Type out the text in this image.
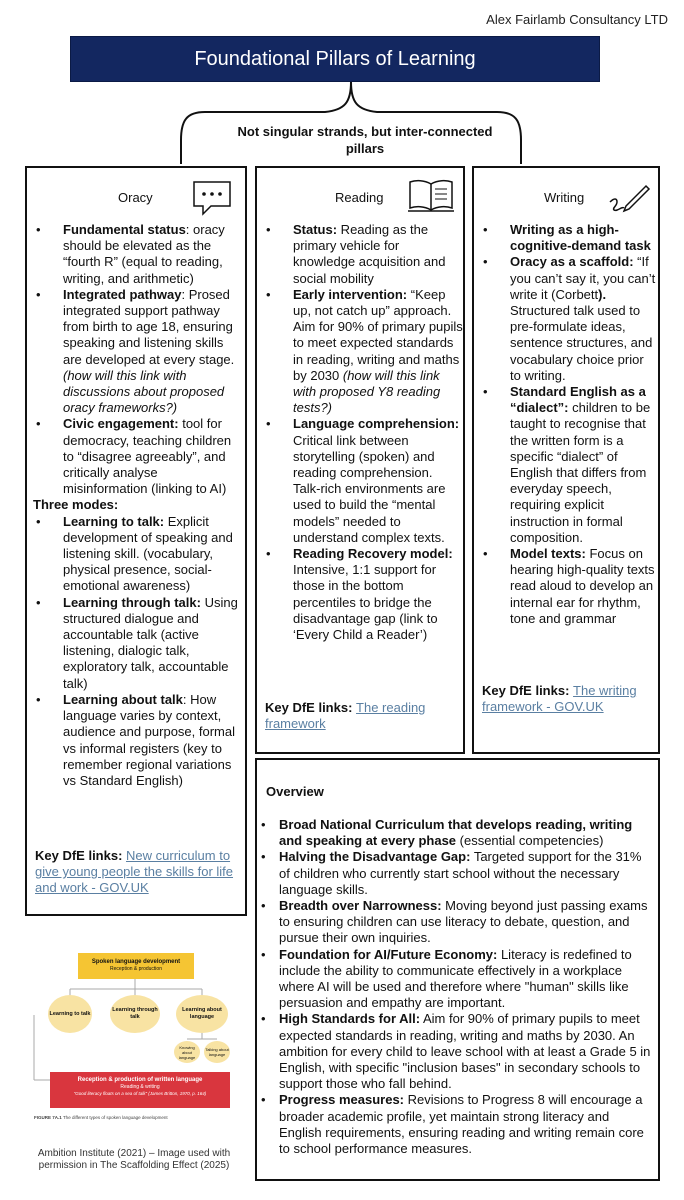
Alex Fairlamb Consultancy LTD
Foundational Pillars of Learning
Not singular strands, but inter-connected pillars
Oracy
• Fundamental status: oracy should be elevated as the “fourth R” (equal to reading, writing, and arithmetic)
• Integrated pathway: Prosed integrated support pathway from birth to age 18, ensuring speaking and listening skills are developed at every stage.
(how will this link with discussions about proposed oracy frameworks?)
• Civic engagement: tool for democracy, teaching children to “disagree agreeably”, and critically analyse misinformation (linking to AI)
Three modes:
• Learning to talk: Explicit development of speaking and listening skill. (vocabulary, physical presence, social-emotional awareness)
• Learning through talk: Using structured dialogue and accountable talk (active listening, dialogic talk, exploratory talk, accountable talk)
• Learning about talk: How language varies by context, audience and purpose, formal vs informal registers (key to remember regional variations vs Standard English)
Key DfE links: New curriculum to give young people the skills for life and work - GOV.UK
Reading
• Status: Reading as the primary vehicle for knowledge acquisition and social mobility
• Early intervention: “Keep up, not catch up” approach. Aim for 90% of primary pupils to meet expected standards in reading, writing and maths by 2030 (how will this link with proposed Y8 reading tests?)
• Language comprehension: Critical link between storytelling (spoken) and reading comprehension. Talk-rich environments are used to build the “mental models” needed to understand complex texts.
• Reading Recovery model: Intensive, 1:1 support for those in the bottom percentiles to bridge the disadvantage gap (link to ‘Every Child a Reader’)
Key DfE links: The reading framework
Writing
• Writing as a high-cognitive-demand task
• Oracy as a scaffold: “If you can’t say it, you can’t write it (Corbett). Structured talk used to pre-formulate ideas, sentence structures, and vocabulary choice prior to writing.
• Standard English as a “dialect”: children to be taught to recognise that the written form is a specific “dialect” of English that differs from everyday speech, requiring explicit instruction in formal composition.
• Model texts: Focus on hearing high-quality texts read aloud to develop an internal ear for rhythm, tone and grammar
Key DfE links: The writing framework - GOV.UK
Overview
• Broad National Curriculum that develops reading, writing and speaking at every phase (essential competencies)
• Halving the Disadvantage Gap: Targeted support for the 31% of children who currently start school without the necessary language skills.
• Breadth over Narrowness: Moving beyond just passing exams to ensuring children can use literacy to debate, question, and pursue their own inquiries.
• Foundation for AI/Future Economy: Literacy is redefined to include the ability to communicate effectively in a workplace where AI will be used and therefore where "human" skills like persuasion and empathy are important.
• High Standards for All: Aim for 90% of primary pupils to meet expected standards in reading, writing and maths by 2030. An ambition for every child to leave school with at least a Grade 5 in English, with specific "inclusion bases" in secondary schools to support those who fall behind.
• Progress measures: Revisions to Progress 8 will encourage a broader academic profile, yet maintain strong literacy and English requirements, ensuring reading and writing remain core to school performance measures.
Spoken language development
Reception & production
Learning to talk
Learning through talk
Learning about language
Knowing about language
Talking about language
Reception & production of written language
Reading & writing
“Good literacy floats on a sea of talk” (James Britton, 1970, p. 164)
FIGURE 7A.1 The different types of spoken language development
Ambition Institute (2021) – Image used with permission in The Scaffolding Effect (2025)
